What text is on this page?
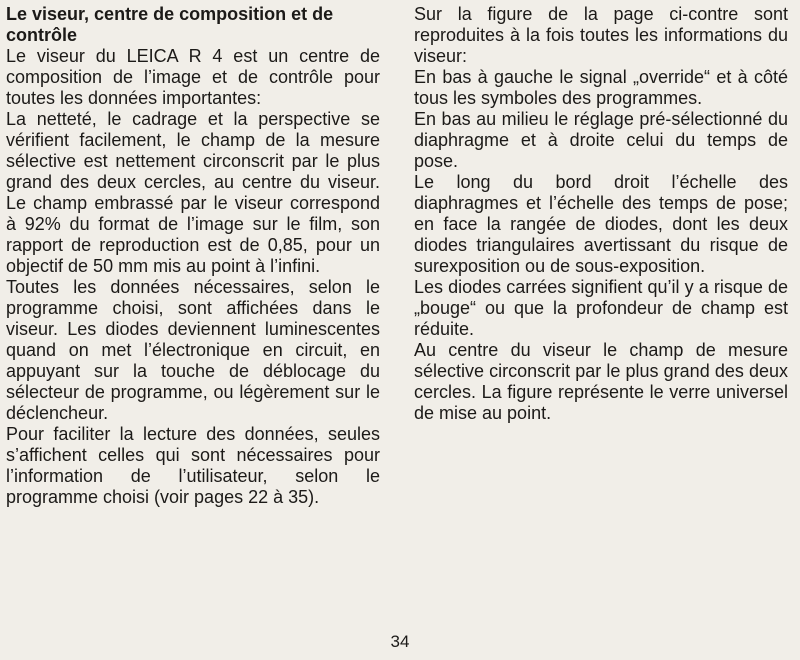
Le viseur, centre de composition et de contrôle

Le viseur du LEICA R 4 est un centre de composition de l’image et de contrôle pour toutes les données importantes:

La netteté, le cadrage et la perspective se vérifient facilement, le champ de la mesure sélective est nettement circonscrit par le plus grand des deux cercles, au centre du viseur. Le champ embrassé par le viseur correspond à 92% du format de l’image sur le film, son rapport de reproduction est de 0,85, pour un objectif de 50 mm mis au point à l’infini.

Toutes les données nécessaires, selon le programme choisi, sont affichées dans le viseur. Les diodes deviennent luminescentes quand on met l’électronique en circuit, en appuyant sur la touche de déblocage du sélecteur de programme, ou légèrement sur le déclencheur.

Pour faciliter la lecture des données, seules s’affichent celles qui sont nécessaires pour l’information de l’utilisateur, selon le programme choisi (voir pages 22 à 35).

Sur la figure de la page ci-contre sont reproduites à la fois toutes les informations du viseur:

En bas à gauche le signal „override“ et à côté tous les symboles des programmes.

En bas au milieu le réglage pré-sélectionné du diaphragme et à droite celui du temps de pose.

Le long du bord droit l’échelle des diaphragmes et l’échelle des temps de pose; en face la rangée de diodes, dont les deux diodes triangulaires avertissant du risque de surexposition ou de sous-exposition.

Les diodes carrées signifient qu’il y a risque de „bouge“ ou que la profondeur de champ est réduite.

Au centre du viseur le champ de mesure sélective circonscrit par le plus grand des deux cercles. La figure représente le verre universel de mise au point.

34
